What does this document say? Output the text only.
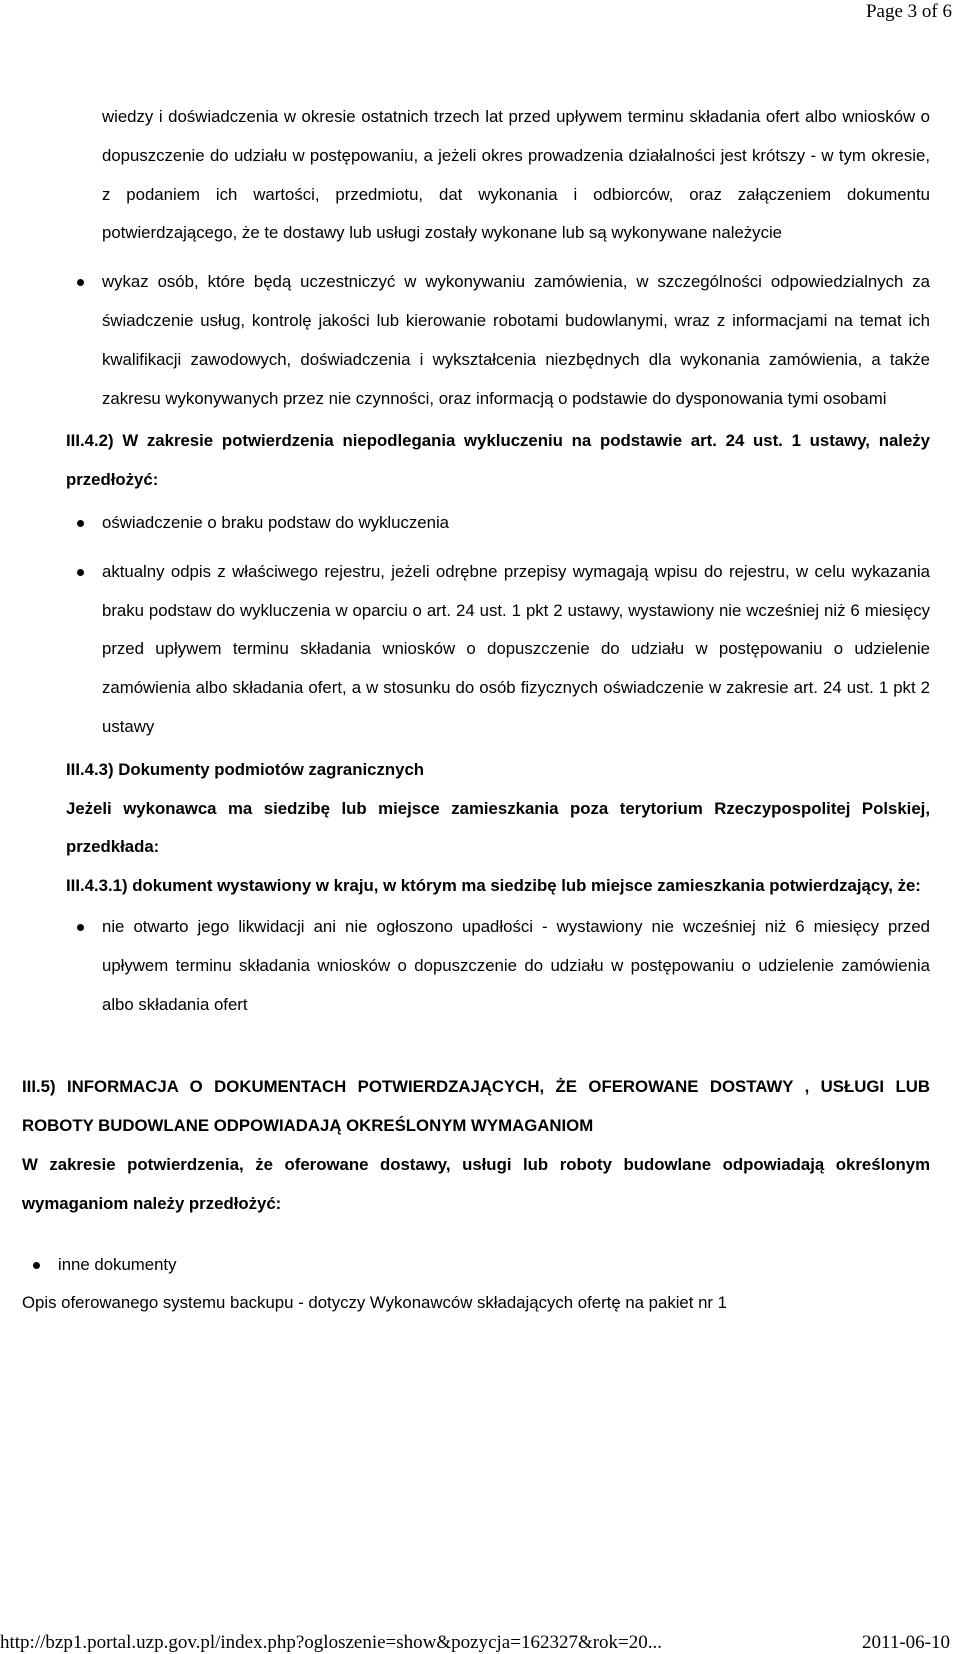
Page 3 of 6

wiedzy i doświadczenia w okresie ostatnich trzech lat przed upływem terminu składania ofert albo wniosków o dopuszczenie do udziału w postępowaniu, a jeżeli okres prowadzenia działalności jest krótszy - w tym okresie, z podaniem ich wartości, przedmiotu, dat wykonania i odbiorców, oraz załączeniem dokumentu potwierdzającego, że te dostawy lub usługi zostały wykonane lub są wykonywane należycie

wykaz osób, które będą uczestniczyć w wykonywaniu zamówienia, w szczególności odpowiedzialnych za świadczenie usług, kontrolę jakości lub kierowanie robotami budowlanymi, wraz z informacjami na temat ich kwalifikacji zawodowych, doświadczenia i wykształcenia niezbędnych dla wykonania zamówienia, a także zakresu wykonywanych przez nie czynności, oraz informacją o podstawie do dysponowania tymi osobami

III.4.2) W zakresie potwierdzenia niepodlegania wykluczeniu na podstawie art. 24 ust. 1 ustawy, należy przedłożyć:

oświadczenie o braku podstaw do wykluczenia
aktualny odpis z właściwego rejestru, jeżeli odrębne przepisy wymagają wpisu do rejestru, w celu wykazania braku podstaw do wykluczenia w oparciu o art. 24 ust. 1 pkt 2 ustawy, wystawiony nie wcześniej niż 6 miesięcy przed upływem terminu składania wniosków o dopuszczenie do udziału w postępowaniu o udzielenie zamówienia albo składania ofert, a w stosunku do osób fizycznych oświadczenie w zakresie art. 24 ust. 1 pkt 2 ustawy

III.4.3) Dokumenty podmiotów zagranicznych

Jeżeli wykonawca ma siedzibę lub miejsce zamieszkania poza terytorium Rzeczypospolitej Polskiej, przedkłada:

III.4.3.1) dokument wystawiony w kraju, w którym ma siedzibę lub miejsce zamieszkania potwierdzający, że:

nie otwarto jego likwidacji ani nie ogłoszono upadłości - wystawiony nie wcześniej niż 6 miesięcy przed upływem terminu składania wniosków o dopuszczenie do udziału w postępowaniu o udzielenie zamówienia albo składania ofert

III.5) INFORMACJA O DOKUMENTACH POTWIERDZAJĄCYCH, ŻE OFEROWANE DOSTAWY , USŁUGI LUB ROBOTY BUDOWLANE ODPOWIADAJĄ OKREŚLONYM WYMAGANIOM

W zakresie potwierdzenia, że oferowane dostawy, usługi lub roboty budowlane odpowiadają określonym wymaganiom należy przedłożyć:

inne dokumenty

Opis oferowanego systemu backupu - dotyczy Wykonawców składających ofertę na pakiet nr 1

http://bzp1.portal.uzp.gov.pl/index.php?ogloszenie=show&pozycja=162327&rok=20...	2011-06-10
